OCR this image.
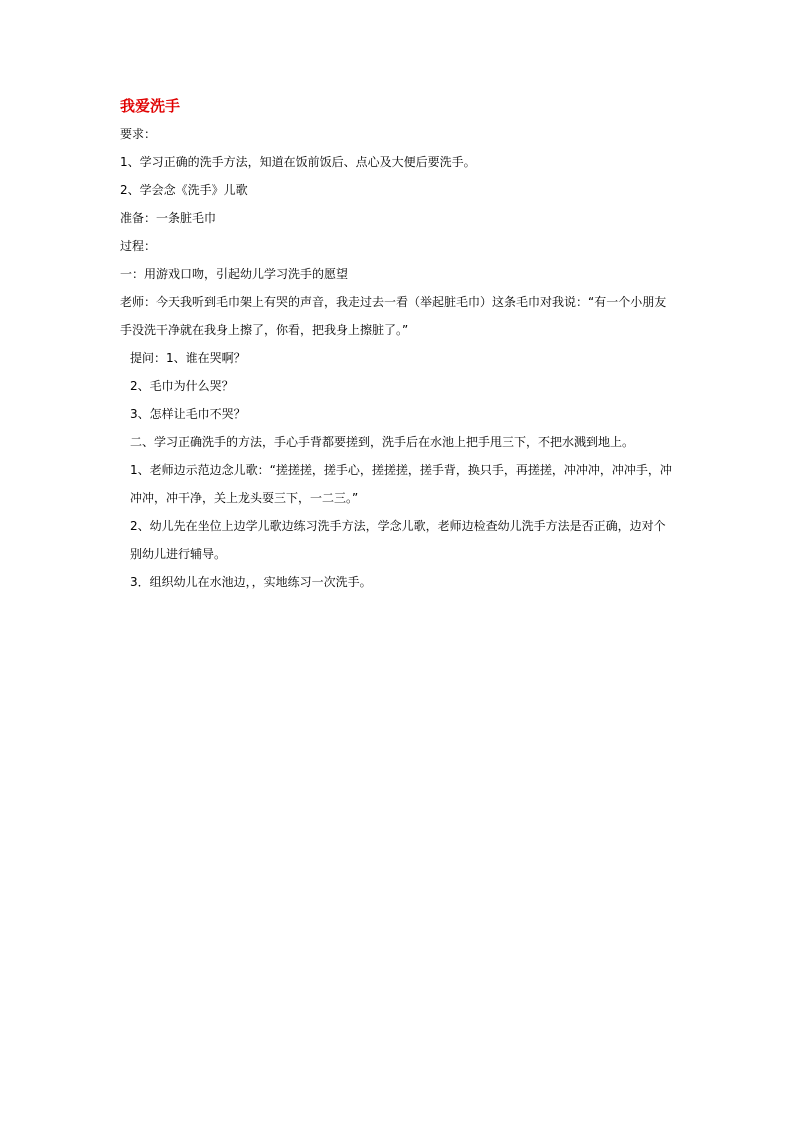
我爱洗手

要求：

1、学习正确的洗手方法，知道在饭前饭后、点心及大便后要洗手。

2、学会念《洗手》儿歌

准备：一条脏毛巾

过程：

一：用游戏口吻，引起幼儿学习洗手的愿望

老师：今天我听到毛巾架上有哭的声音，我走过去一看（举起脏毛巾）这条毛巾对我说：“有一个小朋友手没洗干净就在我身上擦了，你看，把我身上擦脏了。”

提问：1、谁在哭啊？

2、毛巾为什么哭？

3、怎样让毛巾不哭？

二、学习正确洗手的方法，手心手背都要搓到，洗手后在水池上把手甩三下，不把水溅到地上。

1、老师边示范边念儿歌：“搓搓搓，搓手心，搓搓搓，搓手背，换只手，再搓搓，冲冲冲，冲冲手，冲冲冲，冲干净，关上龙头耍三下，一二三。”

2、幼儿先在坐位上边学儿歌边练习洗手方法，学念儿歌，老师边检查幼儿洗手方法是否正确，边对个别幼儿进行辅导。

3．组织幼儿在水池边，，实地练习一次洗手。
